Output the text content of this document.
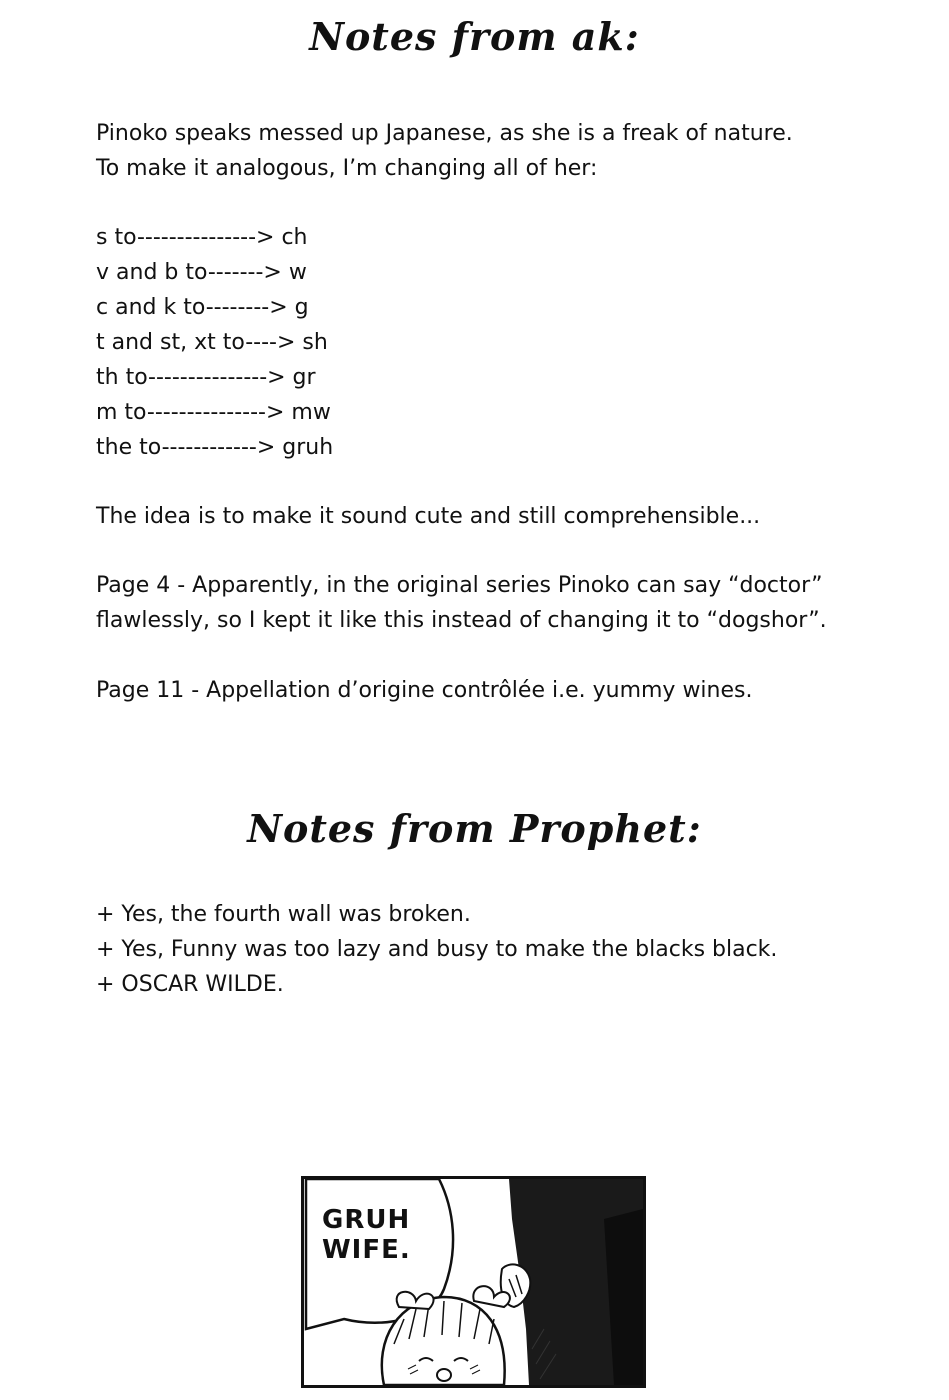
Notes from ak:
Pinoko speaks messed up Japanese, as she is a freak of nature.
To make it analogous, I’m changing all of her:
s to---------------> ch
v and b to-------> w
c and k to--------> g
t and st, xt to----> sh
th to---------------> gr
m to---------------> mw
the to------------> gruh
The idea is to make it sound cute and still comprehensible...
Page 4 - Apparently, in the original series Pinoko can say “doctor”
flawlessly, so I kept it like this instead of changing it to “dogshor”.
Page 11 - Appellation d’origine contrôlée i.e. yummy wines.
Notes from Prophet:
+ Yes, the fourth wall was broken.
+ Yes, Funny was too lazy and busy to make the blacks black.
+ OSCAR WILDE.
GRUH
WIFE.
